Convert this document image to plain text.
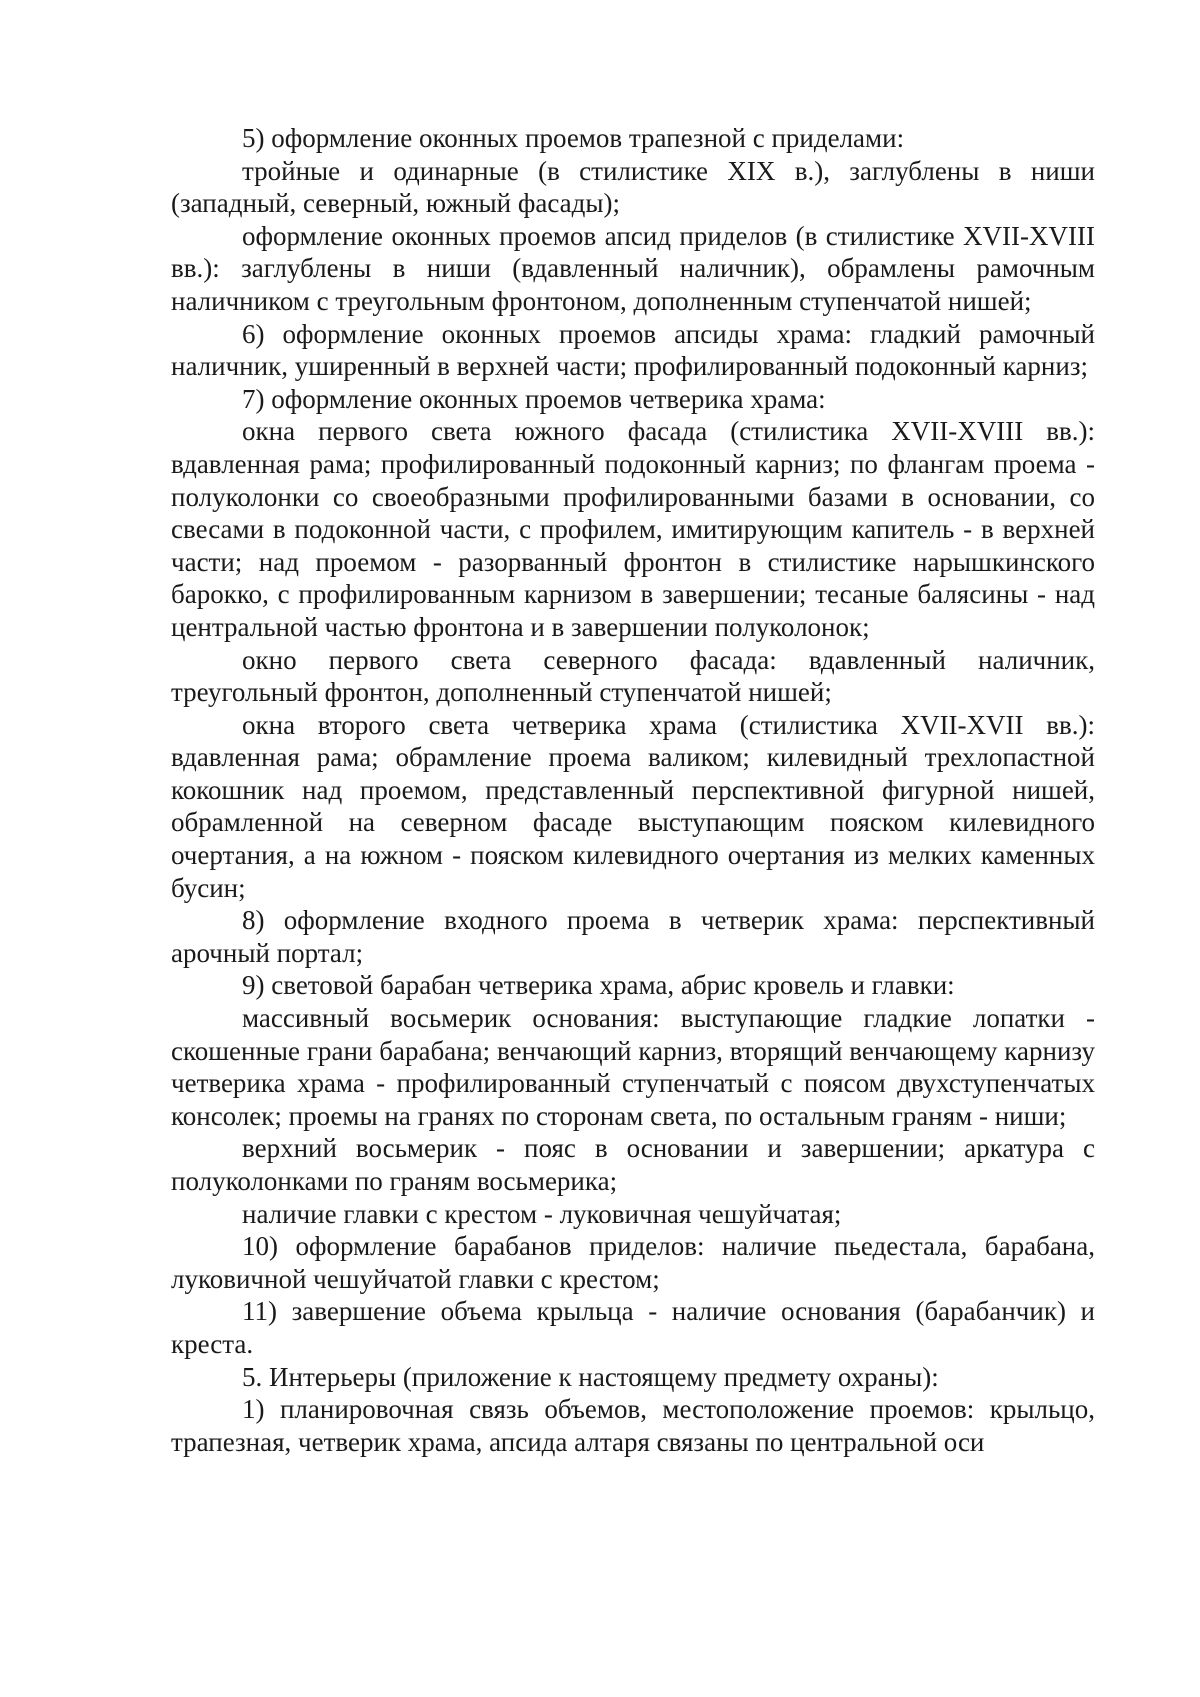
5) оформление оконных проемов трапезной с приделами:

тройные и одинарные (в стилистике XIX в.), заглублены в ниши (западный, северный, южный фасады);

оформление оконных проемов апсид приделов (в стилистике XVII-XVIII вв.): заглублены в ниши (вдавленный наличник), обрамлены рамочным наличником с треугольным фронтоном, дополненным ступенчатой нишей;

6) оформление оконных проемов апсиды храма: гладкий рамочный наличник, уширенный в верхней части; профилированный подоконный карниз;

7) оформление оконных проемов четверика храма:

окна первого света южного фасада (стилистика XVII-XVIII вв.): вдавленная рама; профилированный подоконный карниз; по флангам проема - полуколонки со своеобразными профилированными базами в основании, со свесами в подоконной части, с профилем, имитирующим капитель - в верхней части; над проемом - разорванный фронтон в стилистике нарышкинского барокко, с профилированным карнизом в завершении; тесаные балясины - над центральной частью фронтона и в завершении полуколонок;

окно первого света северного фасада: вдавленный наличник, треугольный фронтон, дополненный ступенчатой нишей;

окна второго света четверика храма (стилистика XVII-XVII вв.): вдавленная рама; обрамление проема валиком; килевидный трехлопастной кокошник над проемом, представленный перспективной фигурной нишей, обрамленной на северном фасаде выступающим пояском килевидного очертания, а на южном - пояском килевидного очертания из мелких каменных бусин;

8) оформление входного проема в четверик храма: перспективный арочный портал;

9) световой барабан четверика храма, абрис кровель и главки:

массивный восьмерик основания: выступающие гладкие лопатки - скошенные грани барабана; венчающий карниз, вторящий венчающему карнизу четверика храма - профилированный ступенчатый с поясом двухступенчатых консолек; проемы на гранях по сторонам света, по остальным граням - ниши;

верхний восьмерик - пояс в основании и завершении; аркатура с полуколонками по граням восьмерика;

наличие главки с крестом - луковичная чешуйчатая;

10) оформление барабанов приделов: наличие пьедестала, барабана, луковичной чешуйчатой главки с крестом;

11) завершение объема крыльца - наличие основания (барабанчик) и креста.

5. Интерьеры (приложение к настоящему предмету охраны):

1) планировочная связь объемов, местоположение проемов: крыльцо, трапезная, четверик храма, апсида алтаря связаны по центральной оси
